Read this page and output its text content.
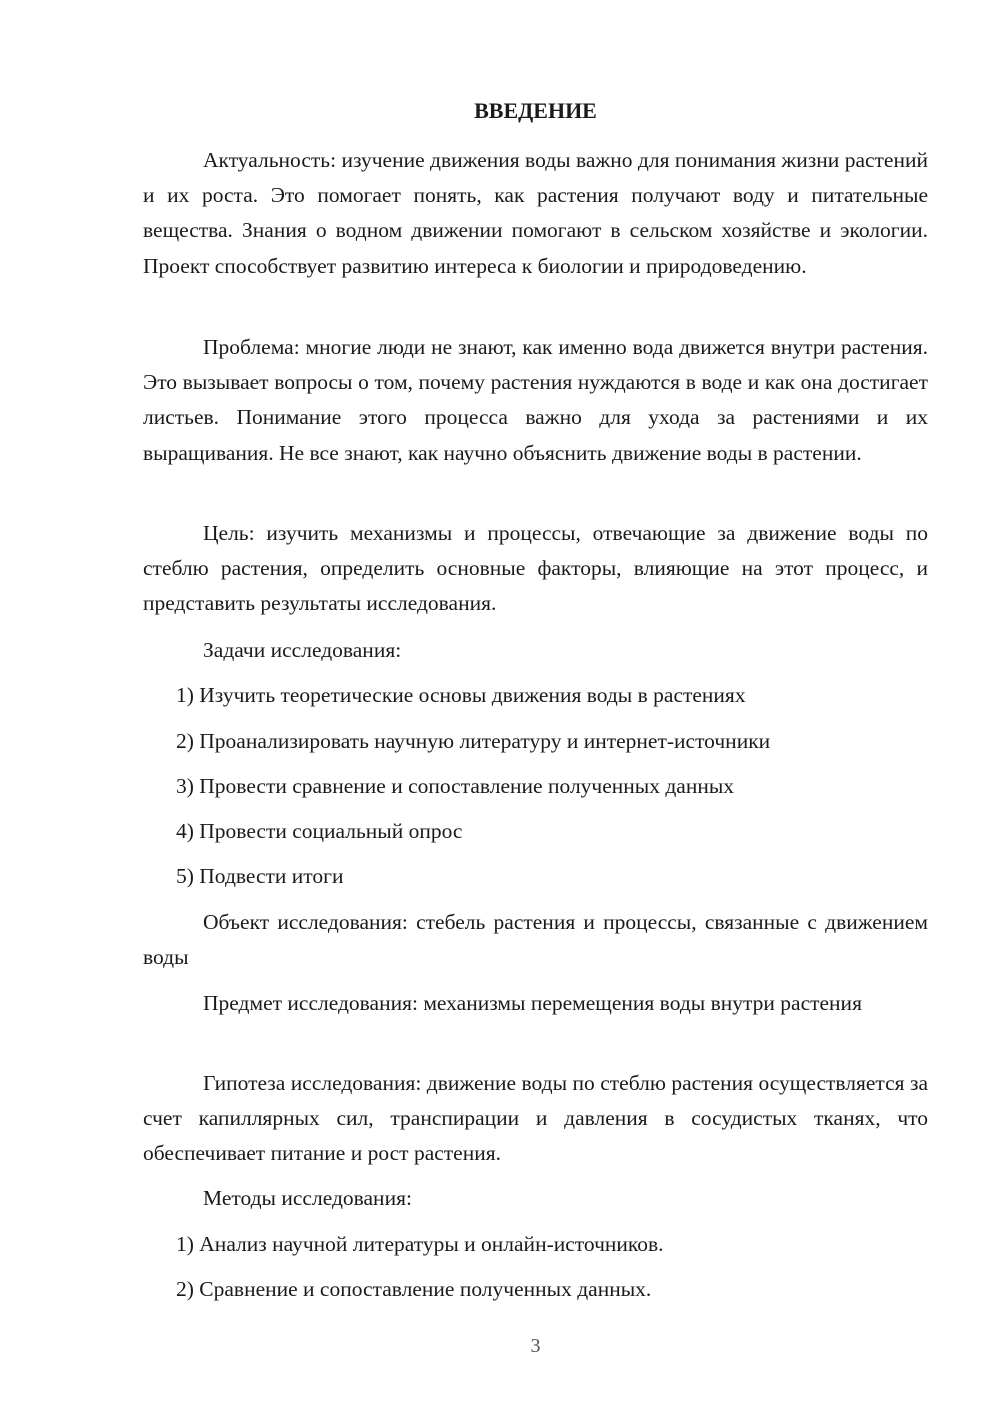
ВВЕДЕНИЕ

Актуальность: изучение движения воды важно для понимания жизни растений и их роста. Это помогает понять, как растения получают воду и питательные вещества. Знания о водном движении помогают в сельском хозяйстве и экологии. Проект способствует развитию интереса к биологии и природоведению.

Проблема: многие люди не знают, как именно вода движется внутри растения. Это вызывает вопросы о том, почему растения нуждаются в воде и как она достигает листьев. Понимание этого процесса важно для ухода за растениями и их выращивания. Не все знают, как научно объяснить движение воды в растении.

Цель: изучить механизмы и процессы, отвечающие за движение воды по стеблю растения, определить основные факторы, влияющие на этот процесс, и представить результаты исследования.

Задачи исследования:
1) Изучить теоретические основы движения воды в растениях
2) Проанализировать научную литературу и интернет-источники
3) Провести сравнение и сопоставление полученных данных
4) Провести социальный опрос
5) Подвести итоги

Объект исследования: стебель растения и процессы, связанные с движением воды

Предмет исследования: механизмы перемещения воды внутри растения

Гипотеза исследования: движение воды по стеблю растения осуществляется за счет капиллярных сил, транспирации и давления в сосудистых тканях, что обеспечивает питание и рост растения.

Методы исследования:
1) Анализ научной литературы и онлайн-источников.
2) Сравнение и сопоставление полученных данных.
3
